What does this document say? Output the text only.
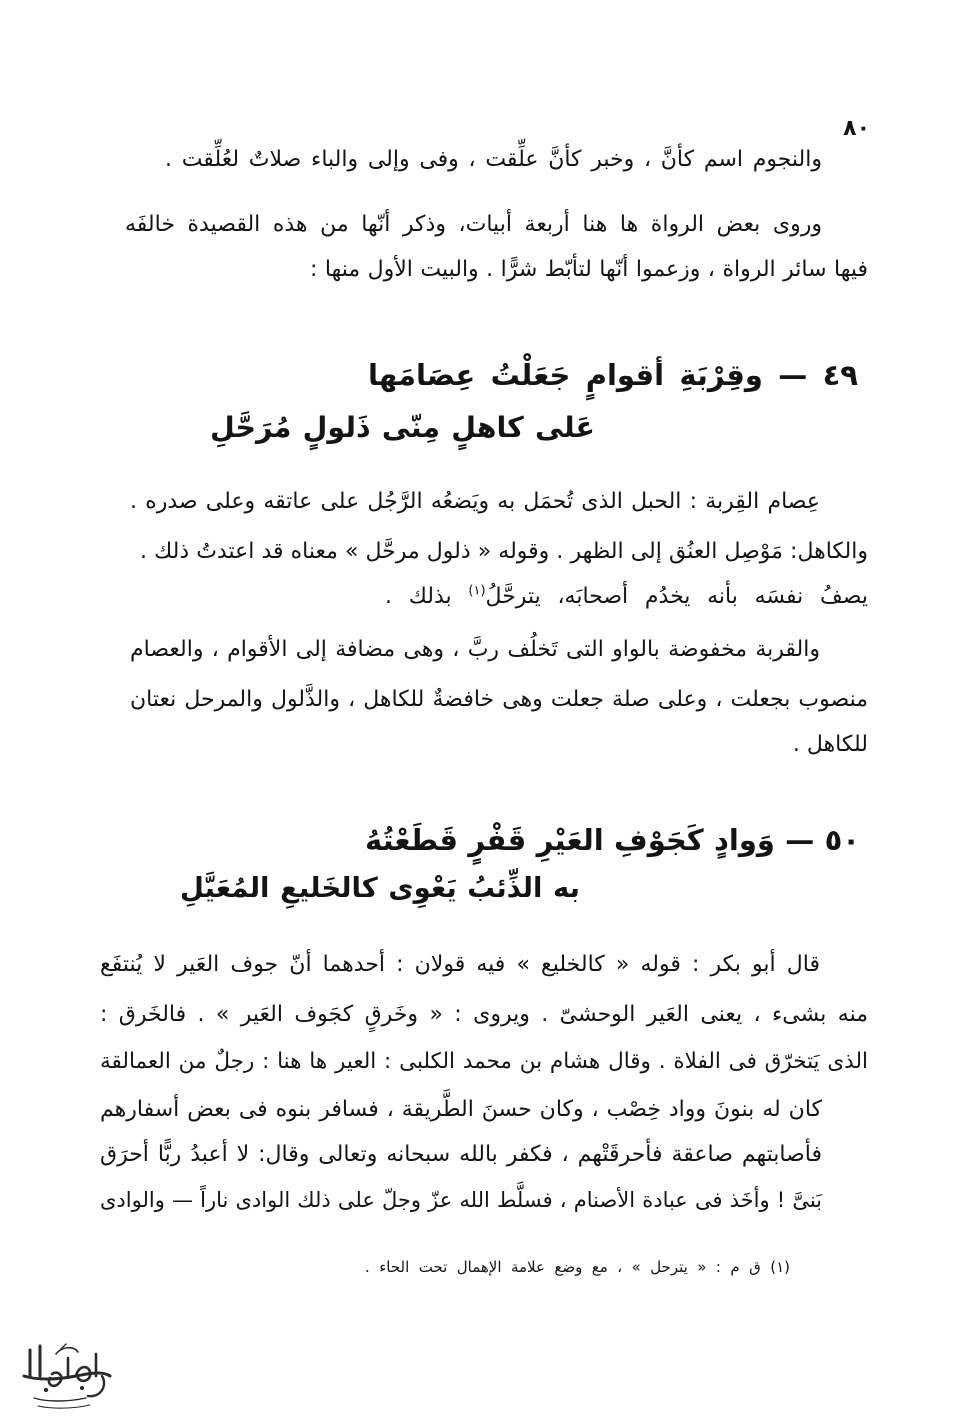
٨٠
والنجوم اسم كأنَّ ، وخبر كأنَّ علِّقت ، وفى وإلى والباء صلاتٌ لعُلِّقت .
وروى بعض الرواة ها هنا أربعة أبيات، وذكر أنّها من هذه القصيدة خالفَه
فيها سائر الرواة ، وزعموا أنّها لتأبّط شرًّا . والبيت الأول منها :
٤٩ — وقِرْبَةِ أقوامٍ جَعَلْتُ عِصَامَها
عَلى كاهلٍ مِنّى ذَلولٍ مُرَحَّلِ
عِصام القِربة : الحبل الذى تُحمَل به ويَضعُه الرَّجُل على عاتقه وعلى صدره .
والكاهل: مَوْصِل العنُق إلى الظهر . وقوله « ذلول مرحَّل » معناه قد اعتدتُ ذلك .
يصفُ نفسَه بأنه يخدُم أصحابَه، يترحَّلُ$^{(١)}$ بذلك .
والقربة مخفوضة بالواو التى تَخلُف ربَّ ، وهى مضافة إلى الأقوام ، والعصام
منصوب بجعلت ، وعلى صلة جعلت وهى خافضةٌ للكاهل ، والذَّلول والمرحل نعتان
للكاهل .
٥٠ — وَوادٍ كَجَوْفِ العَيْرِ قَفْرٍ قَطَعْتُهُ
به الذِّئبُ يَعْوِى كالخَليعِ المُعَيَّلِ
قال أبو بكر : قوله « كالخليع » فيه قولان : أحدهما أنّ جوف العَير لا يُنتفَع
منه بشىء ، يعنى العَير الوحشىّ . ويروى : « وخَرقٍ كجَوف العَير » . فالخَرق :
الذى يَتخرّق فى الفلاة . وقال هشام بن محمد الكلبى : العير ها هنا : رجلٌ من العمالقة
كان له بنونَ وواد خِصْب ، وكان حسنَ الطَّريقة ، فسافر بنوه فى بعض أسفارهم
فأصابتهم صاعقة فأحرقَتْهم ، فكفر بالله سبحانه وتعالى وقال: لا أعبدُ ربًّا أحرَق
بَنىَّ ! وأخَذ فى عبادة الأصنام ، فسلَّط الله عزّ وجلّ على ذلك الوادى ناراً — والوادى
(١) ق م : « يترحل » ، مع وضع علامة الإهمال تحت الحاء .
